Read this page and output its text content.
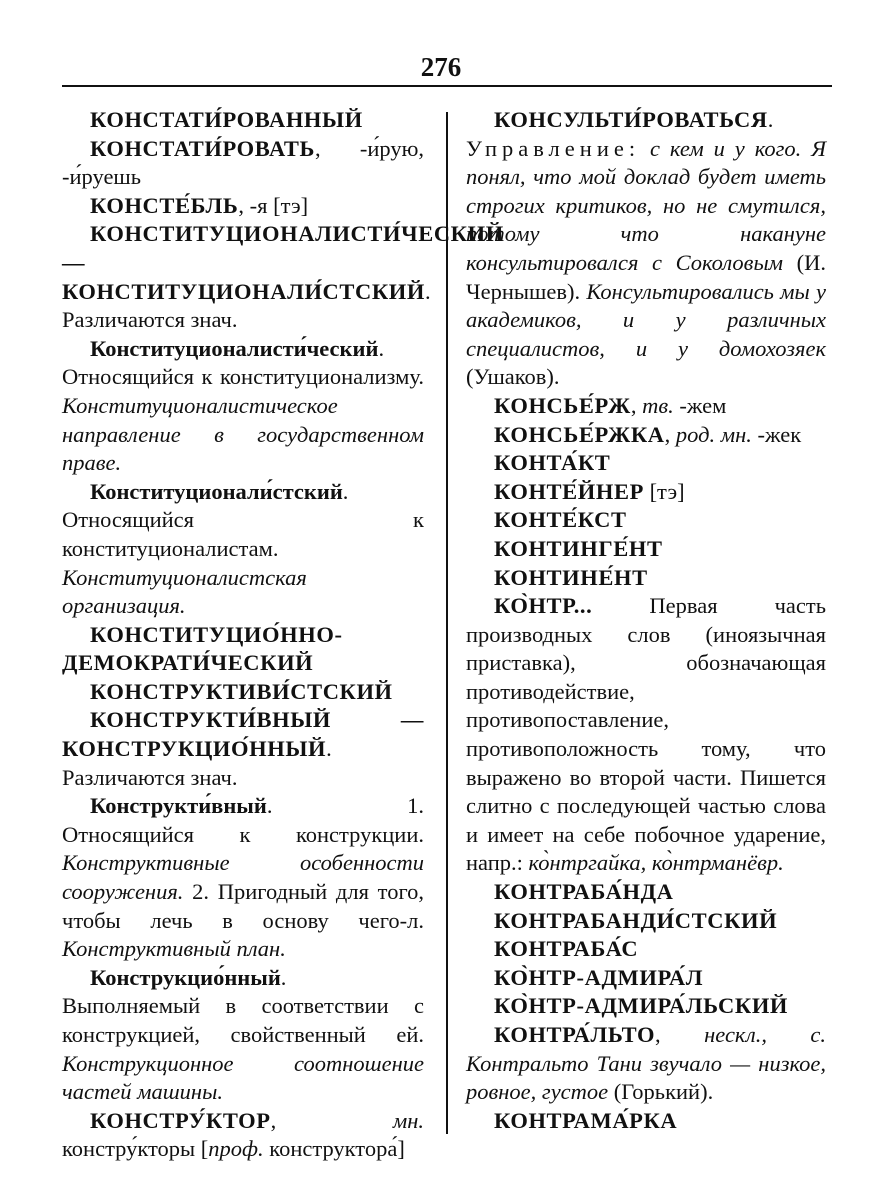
276

КОНСТАТИ́РОВАННЫЙ

КОНСТАТИ́РОВАТЬ, -и́рую, -и́руешь

КОНСТЕ́БЛЬ, -я [тэ]

КОНСТИТУЦИОНАЛИСТИ́ЧЕСКИЙ — КОНСТИТУЦИОНАЛИ́СТСКИЙ. Различаются знач.

Конституционалисти́ческий. Относящийся к конституционализму. Конституционалистическое направление в государственном праве.

Конституционали́стский. Относящийся к конституционалистам. Конституционалистская организация.

КОНСТИТУЦИО́ННО-ДЕМОКРАТИ́ЧЕСКИЙ

КОНСТРУКТИВИ́СТСКИЙ

КОНСТРУКТИ́ВНЫЙ — КОНСТРУКЦИО́ННЫЙ. Различаются знач.

Конструкти́вный. 1. Относящийся к конструкции. Конструктивные особенности сооружения. 2. Пригодный для того, чтобы лечь в основу чего-л. Конструктивный план.

Конструкцио́нный. Выполняемый в соответствии с конструкцией, свойственный ей. Конструкционное соотношение частей машины.

КОНСТРУ́КТОР, мн. констру́кторы [проф. конструктора́]

КОНСУЛЬТИ́РОВАТЬСЯ. Управление: с кем и у кого. Я понял, что мой доклад будет иметь строгих критиков, но не смутился, потому что накануне консультировался с Соколовым (И. Чернышев). Консультировались мы у академиков, и у различных специалистов, и у домохозяек (Ушаков).

КОНСЬЕ́РЖ, тв. -жем

КОНСЬЕ́РЖКА, род. мн. -жек

КОНТА́КТ

КОНТЕ́ЙНЕР [тэ]

КОНТЕ́КСТ

КОНТИНГЕ́НТ

КОНТИНЕ́НТ

КО̀НТР... Первая часть производных слов (иноязычная приставка), обозначающая противодействие, противопоставление, противоположность тому, что выражено во второй части. Пишется слитно с последующей частью слова и имеет на себе побочное ударение, напр.: ко̀нтргайка, ко̀нтрманёвр.

КОНТРАБА́НДА

КОНТРАБАНДИ́СТСКИЙ

КОНТРАБА́С

КО̀НТР-АДМИРА́Л

КО̀НТР-АДМИРА́ЛЬСКИЙ

КОНТРА́ЛЬТО, нескл., с. Контральто Тани звучало — низкое, ровное, густое (Горький).

КОНТРАМА́РКА
